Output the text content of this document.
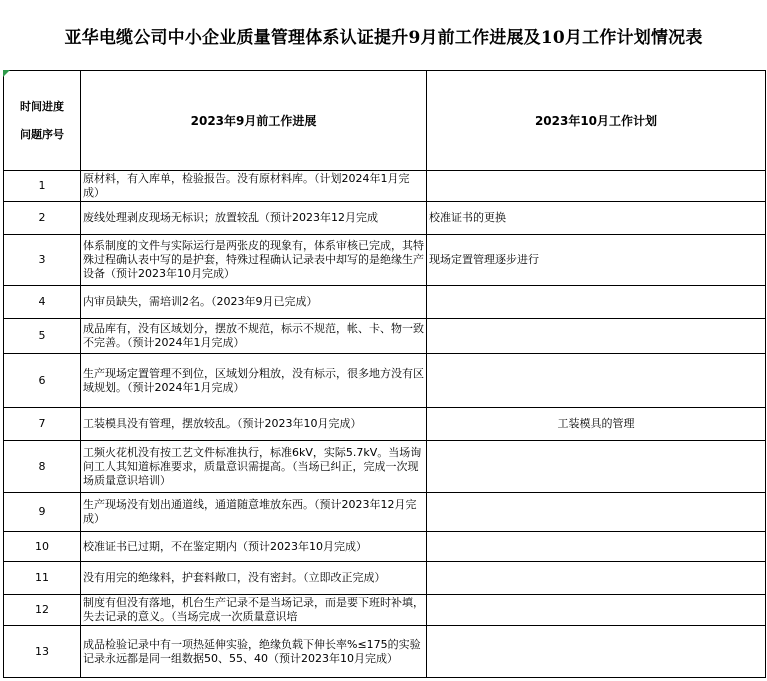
亚华电缆公司中小企业质量管理体系认证提升9月前工作进展及10月工作计划情况表
时间进度
问题序号	2023年9月前工作进展	2023年10月工作计划
1	原材料，有入库单，检验报告。没有原材料库。（计划2024年1月完成）	
2	废线处理剥皮现场无标识；放置较乱（预计2023年12月完成	校准证书的更换
3	体系制度的文件与实际运行是两张皮的现象有，体系审核已完成，其特殊过程确认表中写的是护套，特殊过程确认记录表中却写的是绝缘生产设备（预计2023年10月完成）	现场定置管理逐步进行
4	内审员缺失，需培训2名。（2023年9月已完成）	
5	成品库有，没有区域划分，摆放不规范，标示不规范，帐、卡、物一致不完善。（预计2024年1月完成）	
6	生产现场定置管理不到位，区域划分粗放，没有标示，很多地方没有区域规划。（预计2024年1月完成）	
7	工装模具没有管理，摆放较乱。（预计2023年10月完成）	工装模具的管理
8	工频火花机没有按工艺文件标准执行，标准6kV，实际5.7kV。当场询问工人其知道标准要求，质量意识需提高。（当场已纠正，完成一次现场质量意识培训）	
9	生产现场没有划出通道线，通道随意堆放东西。（预计2023年12月完成）	
10	校准证书已过期，不在鉴定期内（预计2023年10月完成）	
11	没有用完的绝缘料，护套料敞口，没有密封。（立即改正完成）	
12	制度有但没有落地，机台生产记录不是当场记录，而是要下班时补填，失去记录的意义。（当场完成一次质量意识培	
13	成品检验记录中有一项热延伸实验，绝缘负载下伸长率%≤175的实验记录永远都是同一组数据50、55、40（预计2023年10月完成）	
